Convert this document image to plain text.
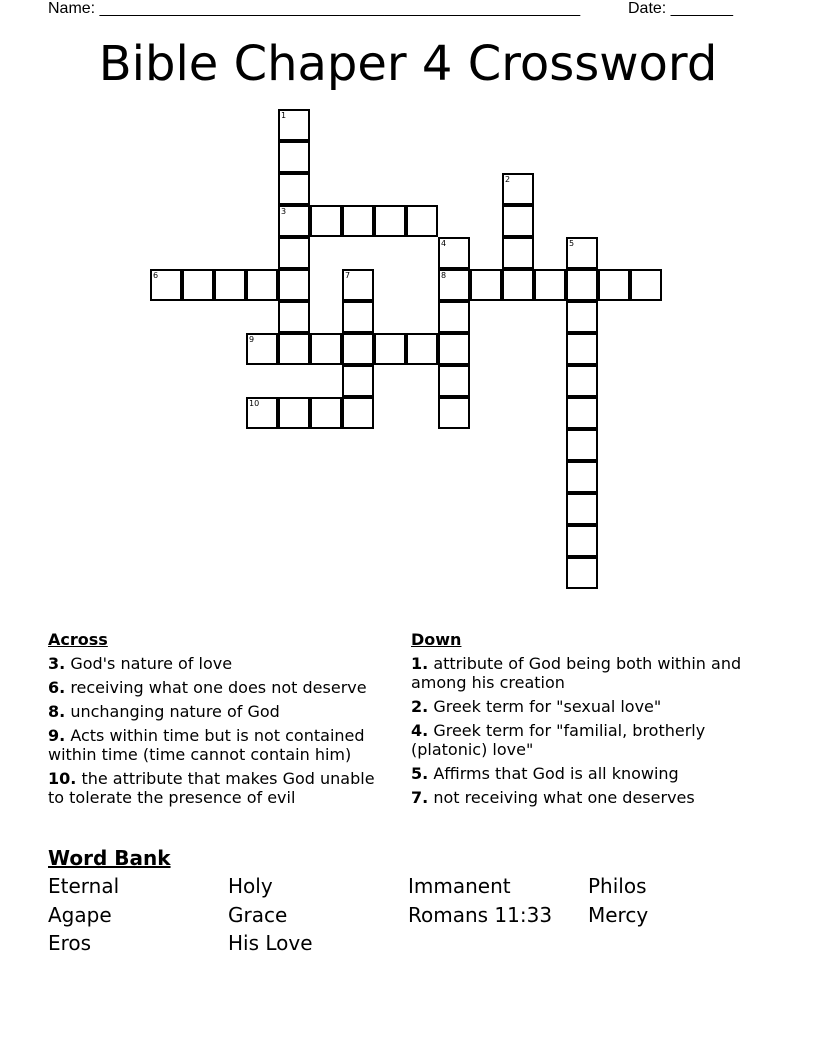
Name: ______________________________________________________	Date: _______
Bible Chaper 4 Crossword
1
3
2
4
8
5
6	7
9
10
Across
3. God's nature of love
6. receiving what one does not deserve
8. unchanging nature of God
9. Acts within time but is not contained within time (time cannot contain him)
10. the attribute that makes God unable to tolerate the presence of evil
Down
1. attribute of God being both within and among his creation
2. Greek term for "sexual love"
4. Greek term for "familial, brotherly (platonic) love"
5. Affirms that God is all knowing
7. not receiving what one deserves
Word Bank
Eternal	Holy	Immanent	Philos
Agape	Grace	Romans 11:33	Mercy
Eros	His Love
